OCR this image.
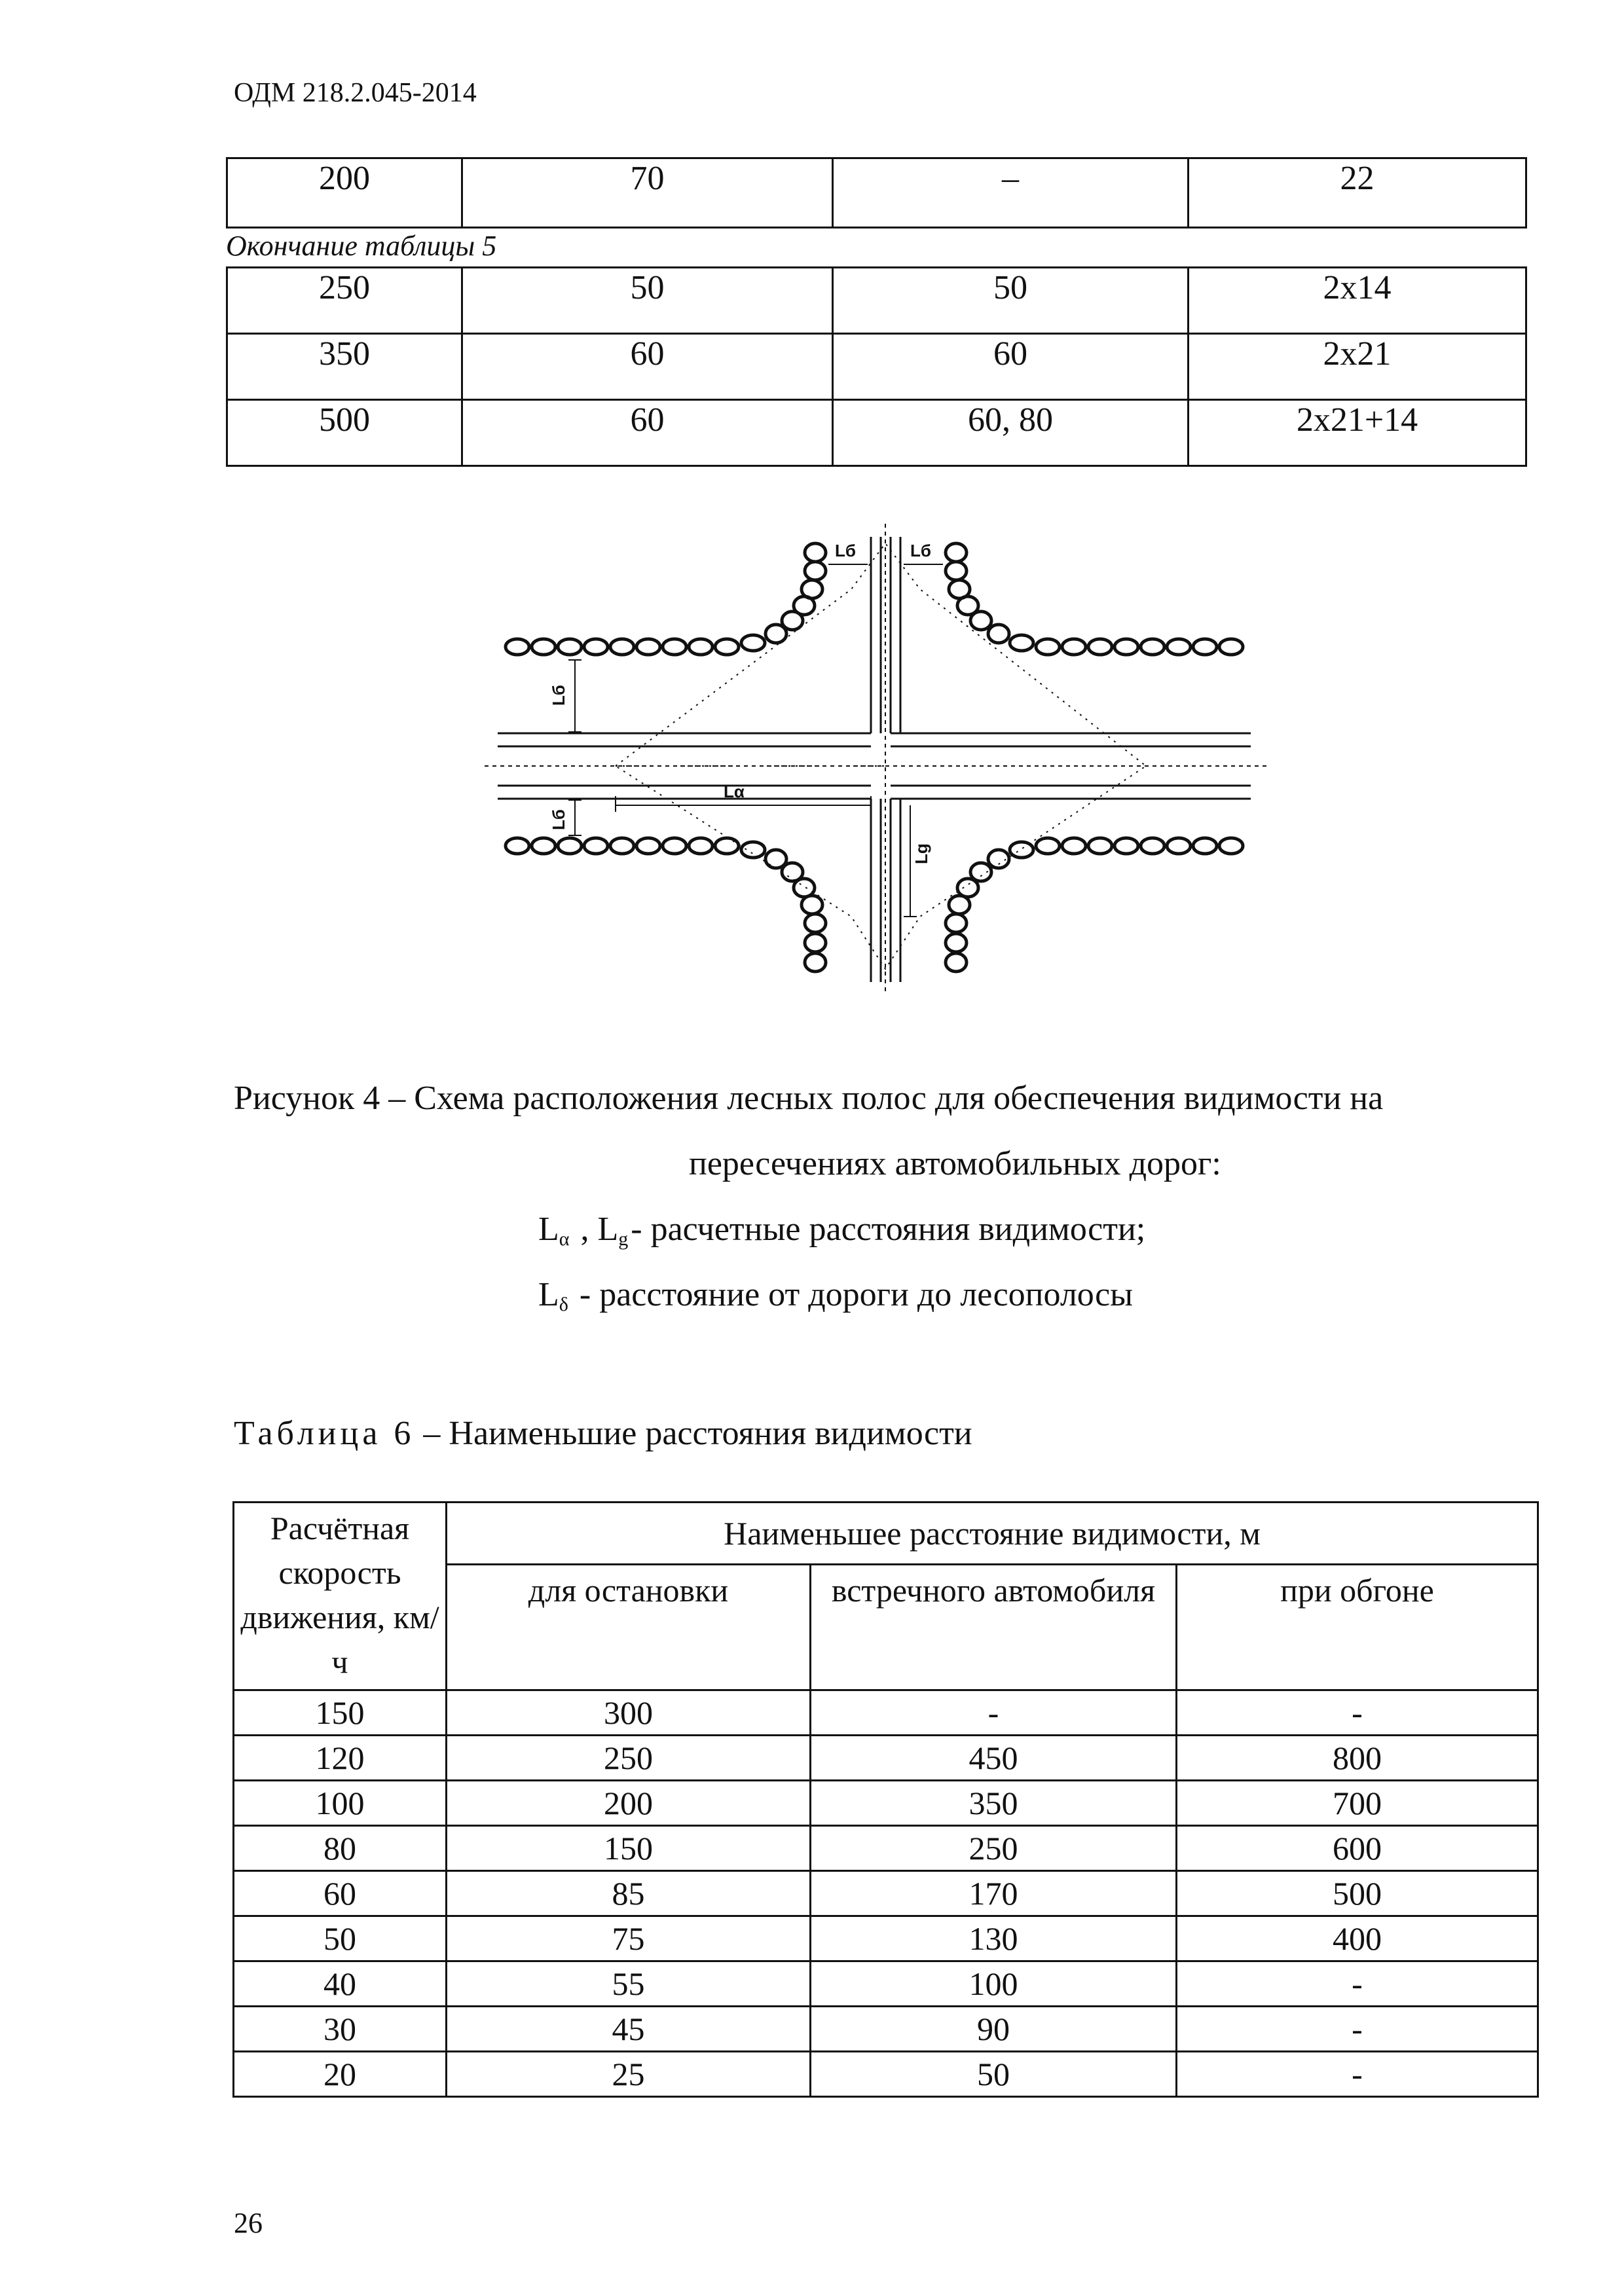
ОДМ 218.2.045-2014
200	70	–	22
Окончание таблицы 5
250	50	50	2х14
350	60	60	2х21
500	60	60, 80	2х21+14
Lб
Lб
Lα
Lб	Lб
Lg
Рисунок 4 – Схема расположения лесных полос для обеспечения видимости на
пересечениях автомобильных дорог:
Lα , Lg- расчетные расстояния видимости;
Lδ - расстояние от дороги до лесополосы
Таблица 6 – Наименьшие расстояния видимости
Расчётная скорость движения, км/ч	Наименьшее расстояние видимости, м		
	для остановки	встречного автомобиля	при обгоне
150	300	-	-
120	250	450	800
100	200	350	700
80	150	250	600
60	85	170	500
50	75	130	400
40	55	100	-
30	45	90	-
20	25	50	-
26
